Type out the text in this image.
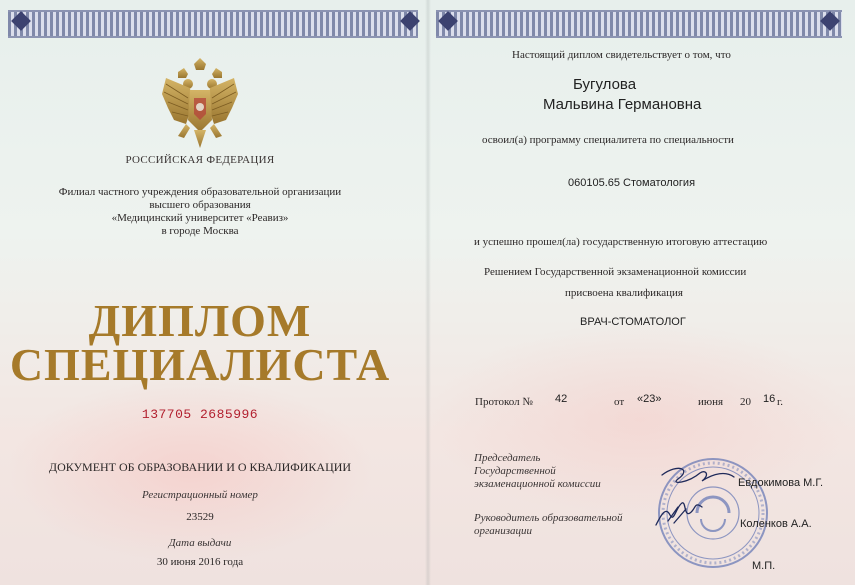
РОССИЙСКАЯ ФЕДЕРАЦИЯ
Филиал частного учреждения образовательной организации
высшего образования
«Медицинский университет «Реавиз»
в городе Москва
ДИПЛОМ
СПЕЦИАЛИСТА
137705 2685996
ДОКУМЕНТ ОБ ОБРАЗОВАНИИ И О КВАЛИФИКАЦИИ
Регистрационный номер
23529
Дата выдачи
30 июня 2016 года
Настоящий диплом свидетельствует о том, что
Бугулова
Мальвина Германовна
освоил(а) программу специалитета по специальности
060105.65 Стоматология
и успешно прошел(ла) государственную итоговую аттестацию
Решением Государственной экзаменационной комиссии
присвоена квалификация
ВРАЧ-СТОМАТОЛОГ
Протокол № 42	от «23»	июня 20 16 г.
Председатель
Государственной
экзаменационной комиссии
Руководитель образовательной
организации
Евдокимова М.Г.
Коленков А.А.
М.П.
